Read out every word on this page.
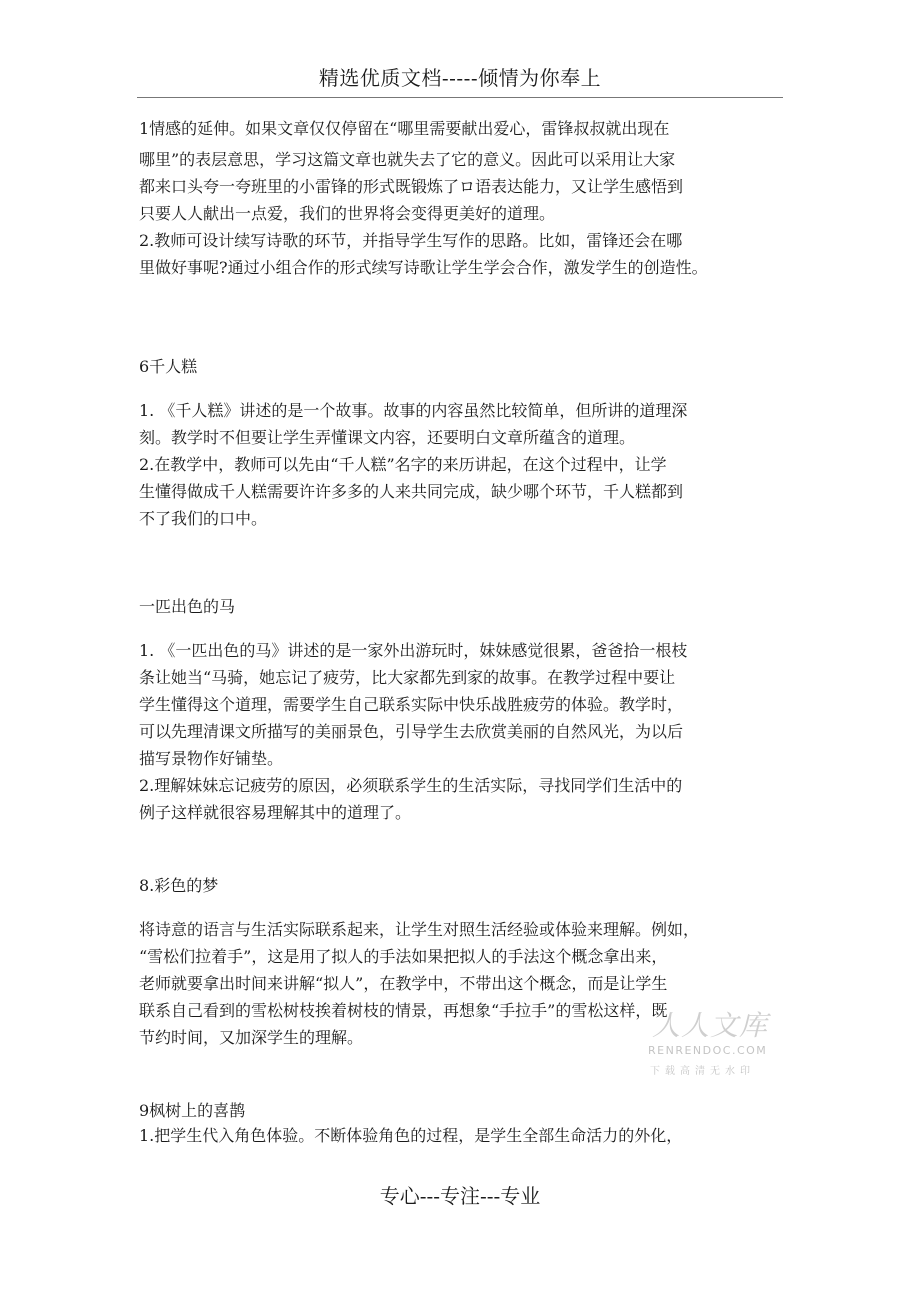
精选优质文档-----倾情为你奉上
1情感的延伸。如果文章仅仅停留在“哪里需要献出爱心，雷锋叔叔就出现在
哪里”的表层意思，学习这篇文章也就失去了它的意义。因此可以采用让大家
都来口头夸一夸班里的小雷锋的形式既锻炼了ロ语表达能力，又让学生感悟到
只要人人献出一点爱，我们的世界将会变得更美好的道理。
2.教师可设计续写诗歌的环节，并指导学生写作的思路。比如，雷锋还会在哪
里做好事呢?通过小组合作的形式续写诗歌让学生学会合作，激发学生的创造性。
6千人糕
1. 《千人糕》讲述的是一个故事。故事的内容虽然比较简单，但所讲的道理深
刻。教学时不但要让学生弄懂课文内容，还要明白文章所蕴含的道理。
2.在教学中，教师可以先由“千人糕”名字的来历讲起，在这个过程中，让学
生懂得做成千人糕需要许许多多的人来共同完成，缺少哪个环节，千人糕都到
不了我们的口中。
一匹出色的马
1. 《一匹出色的马》讲述的是一家外出游玩时，妹妹感觉很累，爸爸拾一根枝
条让她当“马骑，她忘记了疲劳，比大家都先到家的故事。在教学过程中要让
学生懂得这个道理，需要学生自己联系实际中快乐战胜疲劳的体验。教学时，
可以先理清课文所描写的美丽景色，引导学生去欣赏美丽的自然风光，为以后
描写景物作好铺垫。
2.理解妹妹忘记疲劳的原因，必须联系学生的生活实际，寻找同学们生活中的
例子这样就很容易理解其中的道理了。
8.彩色的梦
将诗意的语言与生活实际联系起来，让学生对照生活经验或体验来理解。例如，
“雪松们拉着手”，这是用了拟人的手法如果把拟人的手法这个概念拿出来，
老师就要拿出时间来讲解“拟人”，在教学中，不带出这个概念，而是让学生
联系自己看到的雪松树枝挨着树枝的情景，再想象“手拉手”的雪松这样，既
节约时间，又加深学生的理解。
9枫树上的喜鹊
1.把学生代入角色体验。不断体验角色的过程，是学生全部生命活力的外化，
人人文库
RENRENDOC.COM
下载高清无水印
专心---专注---专业
